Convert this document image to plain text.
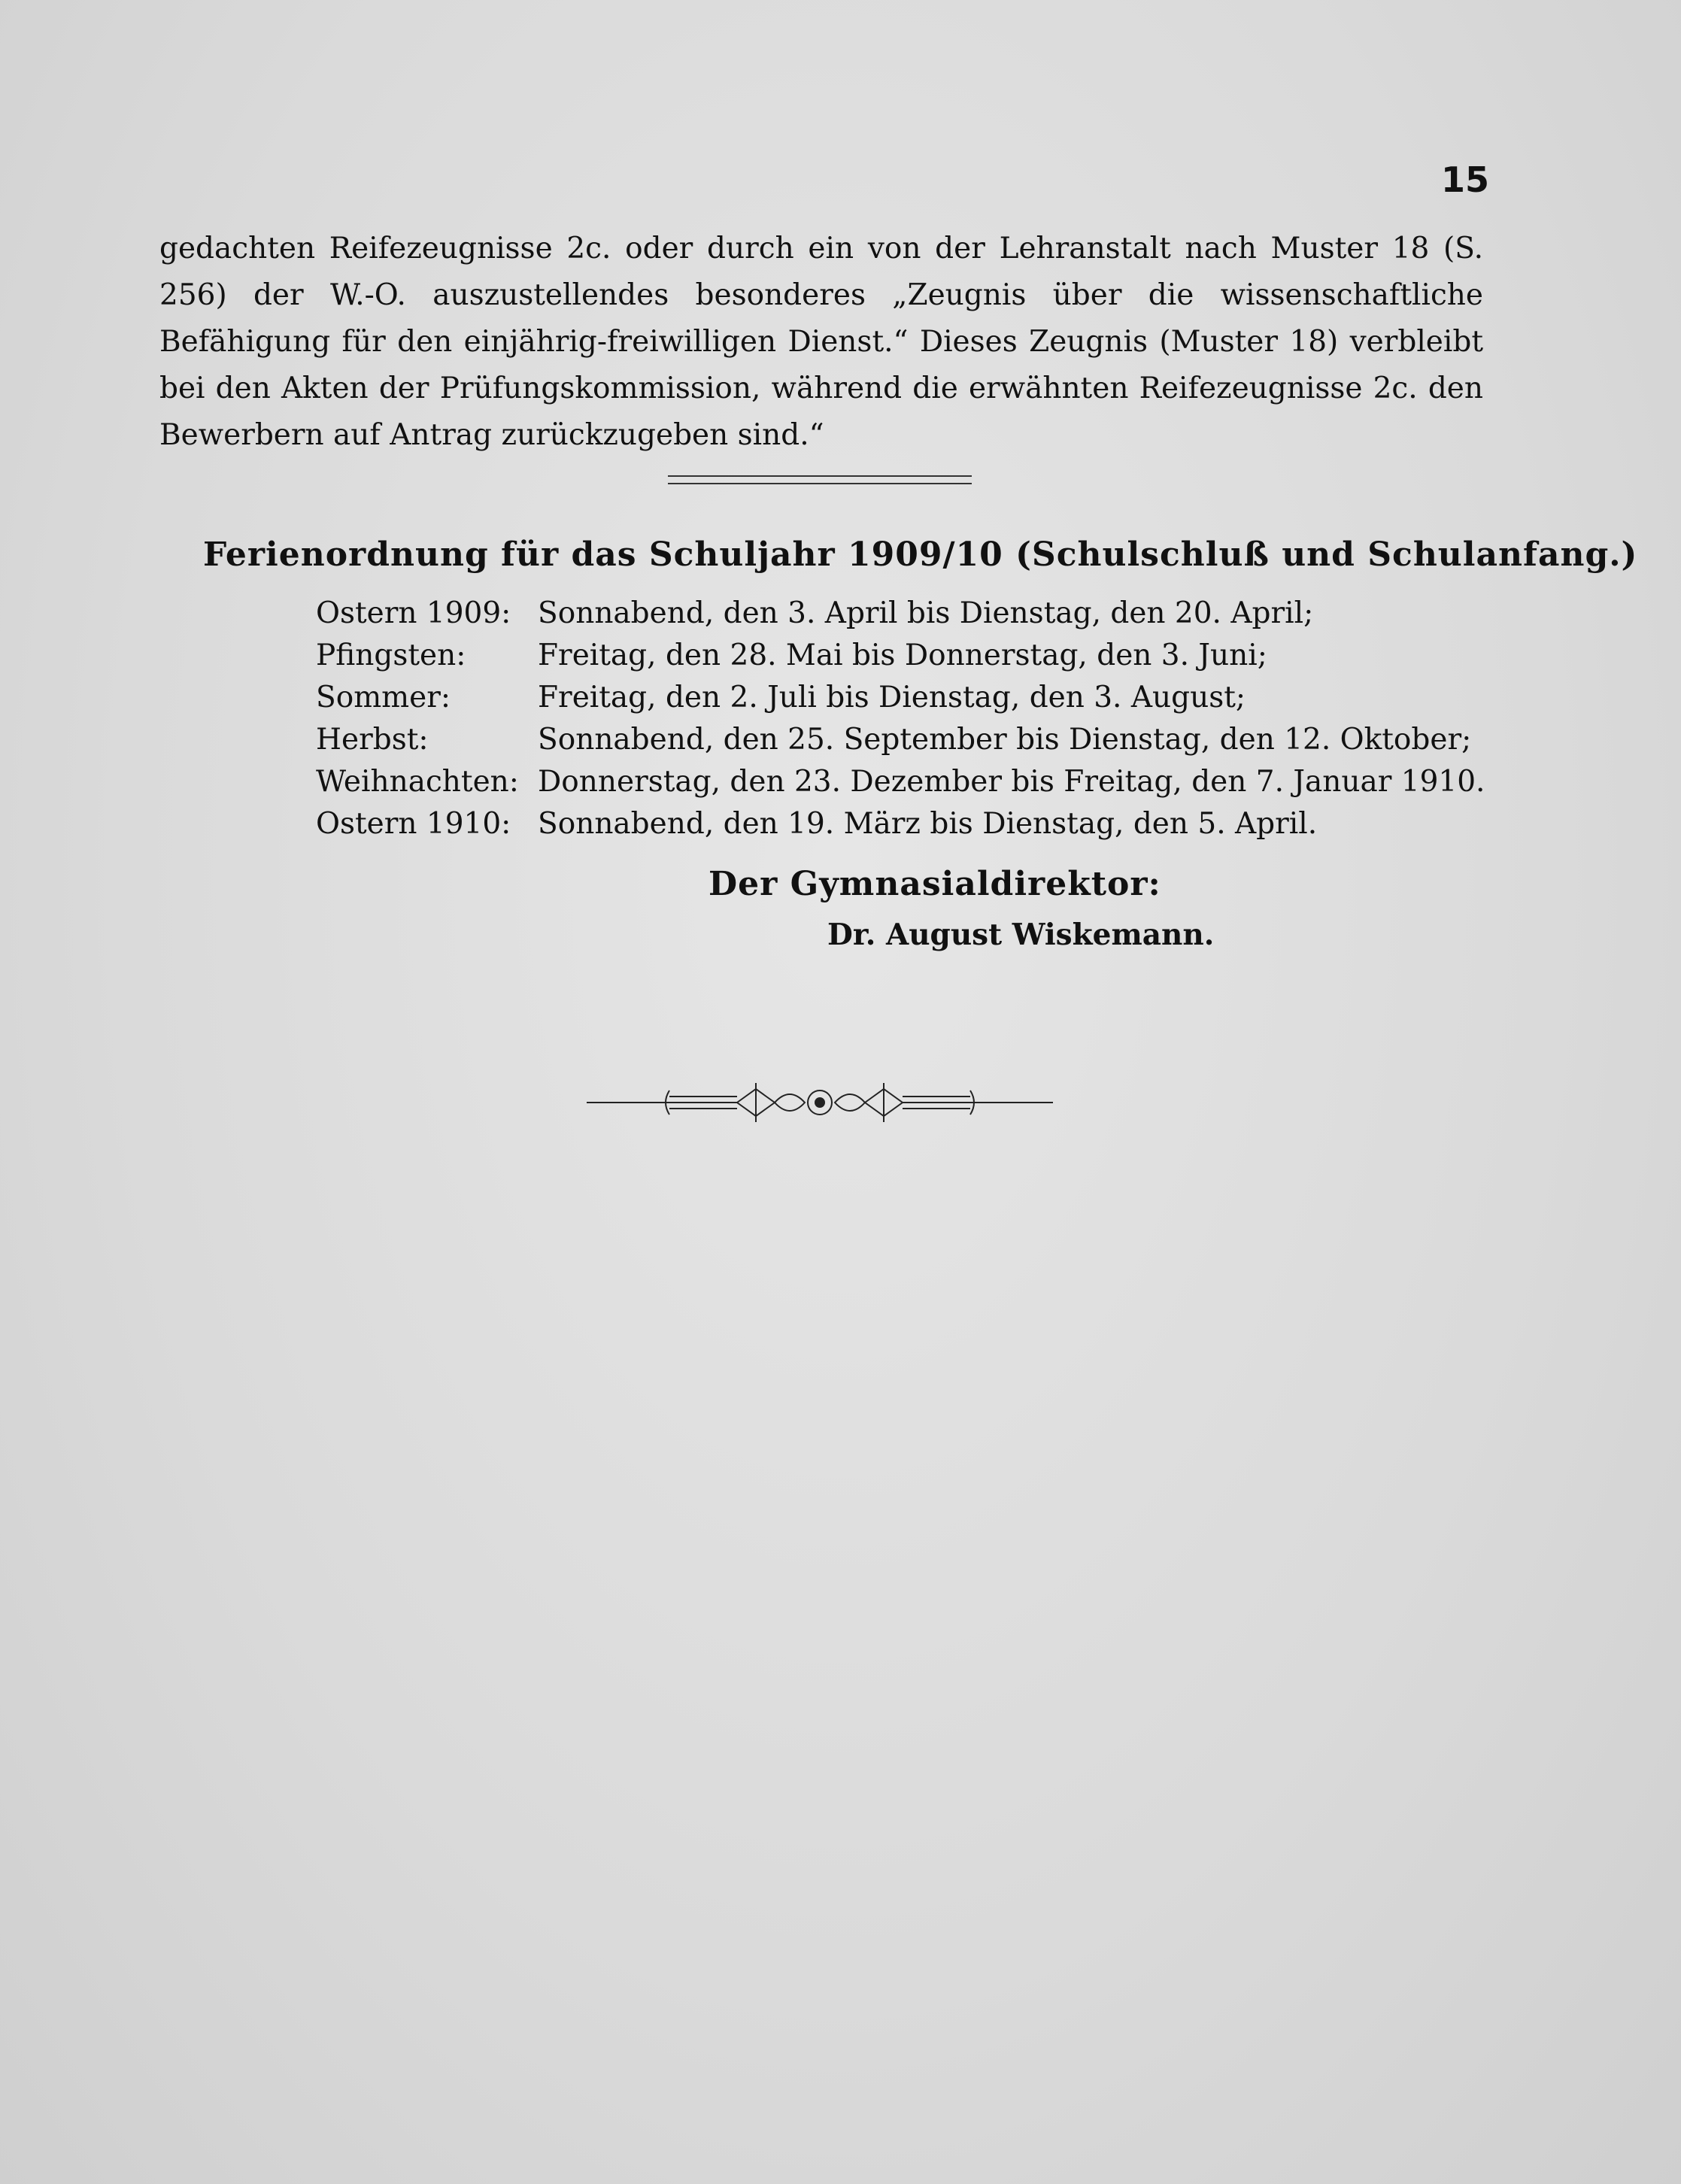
15
gedachten Reifezeugnisse 2c. oder durch ein von der Lehranstalt nach Muster 18 (S. 256) der W.-O. auszustellendes besonderes „Zeugnis über die wissenschaftliche Befähigung für den einjährig-freiwilligen Dienst.“ Dieses Zeugnis (Muster 18) verbleibt bei den Akten der Prüfungskommission, während die erwähnten Reifezeugnisse 2c. den Bewerbern auf Antrag zurückzugeben sind.“
Ferienordnung für das Schuljahr 1909/10 (Schulschluß und Schulanfang.)
Ostern 1909:	Sonnabend, den 3. April bis Dienstag, den 20. April;
Pfingsten:	Freitag, den 28. Mai bis Donnerstag, den 3. Juni;
Sommer:	Freitag, den 2. Juli bis Dienstag, den 3. August;
Herbst:	Sonnabend, den 25. September bis Dienstag, den 12. Oktober;
Weihnachten:	Donnerstag, den 23. Dezember bis Freitag, den 7. Januar 1910.
Ostern 1910:	Sonnabend, den 19. März bis Dienstag, den 5. April.
Der Gymnasialdirektor:
Dr. August Wiskemann.
